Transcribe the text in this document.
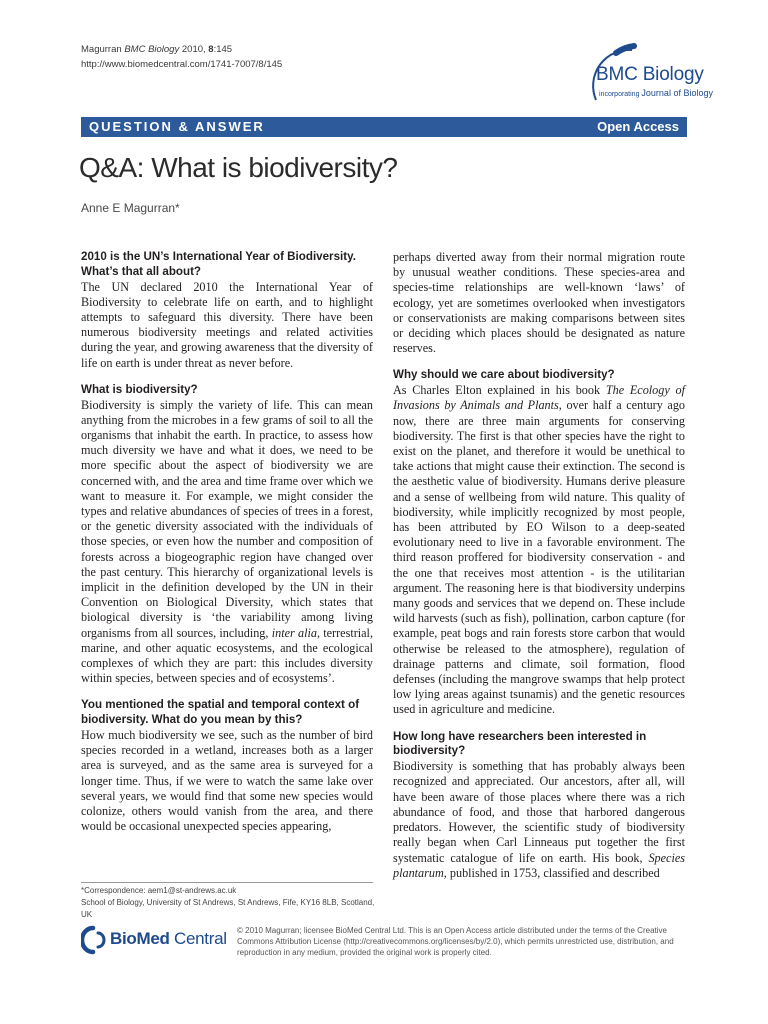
Magurran BMC Biology 2010, 8:145
http://www.biomedcentral.com/1741-7007/8/145	BMC Biology
incorporating Journal of Biology
QUESTION & ANSWER	Open Access
Q&A: What is biodiversity?
Anne E Magurran*
2010 is the UN’s International Year of Biodiversity. What’s that all about?

The UN declared 2010 the International Year of Biodiversity to celebrate life on earth, and to highlight attempts to safeguard this diversity. There have been numerous biodiversity meetings and related activities during the year, and growing awareness that the diversity of life on earth is under threat as never before.

What is biodiversity?

Biodiversity is simply the variety of life. This can mean anything from the microbes in a few grams of soil to all the organisms that inhabit the earth. In practice, to assess how much diversity we have and what it does, we need to be more specific about the aspect of biodiversity we are concerned with, and the area and time frame over which we want to measure it. For example, we might consider the types and relative abundances of species of trees in a forest, or the genetic diversity associated with the individuals of those species, or even how the number and composition of forests across a biogeographic region have changed over the past century. This hierarchy of organizational levels is implicit in the definition developed by the UN in their Convention on Biological Diversity, which states that biological diversity is ‘the variability among living organisms from all sources, including, inter alia, terrestrial, marine, and other aquatic ecosystems, and the ecological complexes of which they are part: this includes diversity within species, between species and of ecosystems’.

You mentioned the spatial and temporal context of biodiversity. What do you mean by this?

How much biodiversity we see, such as the number of bird species recorded in a wetland, increases both as a larger area is surveyed, and as the same area is surveyed for a longer time. Thus, if we were to watch the same lake over several years, we would find that some new species would colonize, others would vanish from the area, and there would be occasional unexpected species appearing,

perhaps diverted away from their normal migration route by unusual weather conditions. These species-area and species-time relationships are well-known ‘laws’ of ecology, yet are sometimes overlooked when investigators or conservationists are making comparisons between sites or deciding which places should be designated as nature reserves.

Why should we care about biodiversity?

As Charles Elton explained in his book The Ecology of Invasions by Animals and Plants, over half a century ago now, there are three main arguments for conserving biodiversity. The first is that other species have the right to exist on the planet, and therefore it would be unethical to take actions that might cause their extinction. The second is the aesthetic value of biodiversity. Humans derive pleasure and a sense of wellbeing from wild nature. This quality of biodiversity, while implicitly recognized by most people, has been attributed by EO Wilson to a deep-seated evolutionary need to live in a favorable environment. The third reason proffered for biodiversity conservation - and the one that receives most attention - is the utilitarian argument. The reasoning here is that biodiversity underpins many goods and services that we depend on. These include wild harvests (such as fish), pollination, carbon capture (for example, peat bogs and rain forests store carbon that would otherwise be released to the atmosphere), regulation of drainage patterns and climate, soil formation, flood defenses (including the mangrove swamps that help protect low lying areas against tsunamis) and the genetic resources used in agriculture and medicine.

How long have researchers been interested in biodiversity?

Biodiversity is something that has probably always been recognized and appreciated. Our ancestors, after all, will have been aware of those places where there was a rich abundance of food, and those that harbored dangerous predators. However, the scientific study of biodiversity really began when Carl Linneaus put together the first systematic catalogue of life on earth. His book, Species plantarum, published in 1753, classified and described

*Correspondence: aem1@st-andrews.ac.uk
School of Biology, University of St Andrews, St Andrews, Fife, KY16 8LB, Scotland, UK
BioMed Central © 2010 Magurran; licensee BioMed Central Ltd. This is an Open Access article distributed under the terms of the Creative Commons Attribution License (http://creativecommons.org/licenses/by/2.0), which permits unrestricted use, distribution, and reproduction in any medium, provided the original work is properly cited.
